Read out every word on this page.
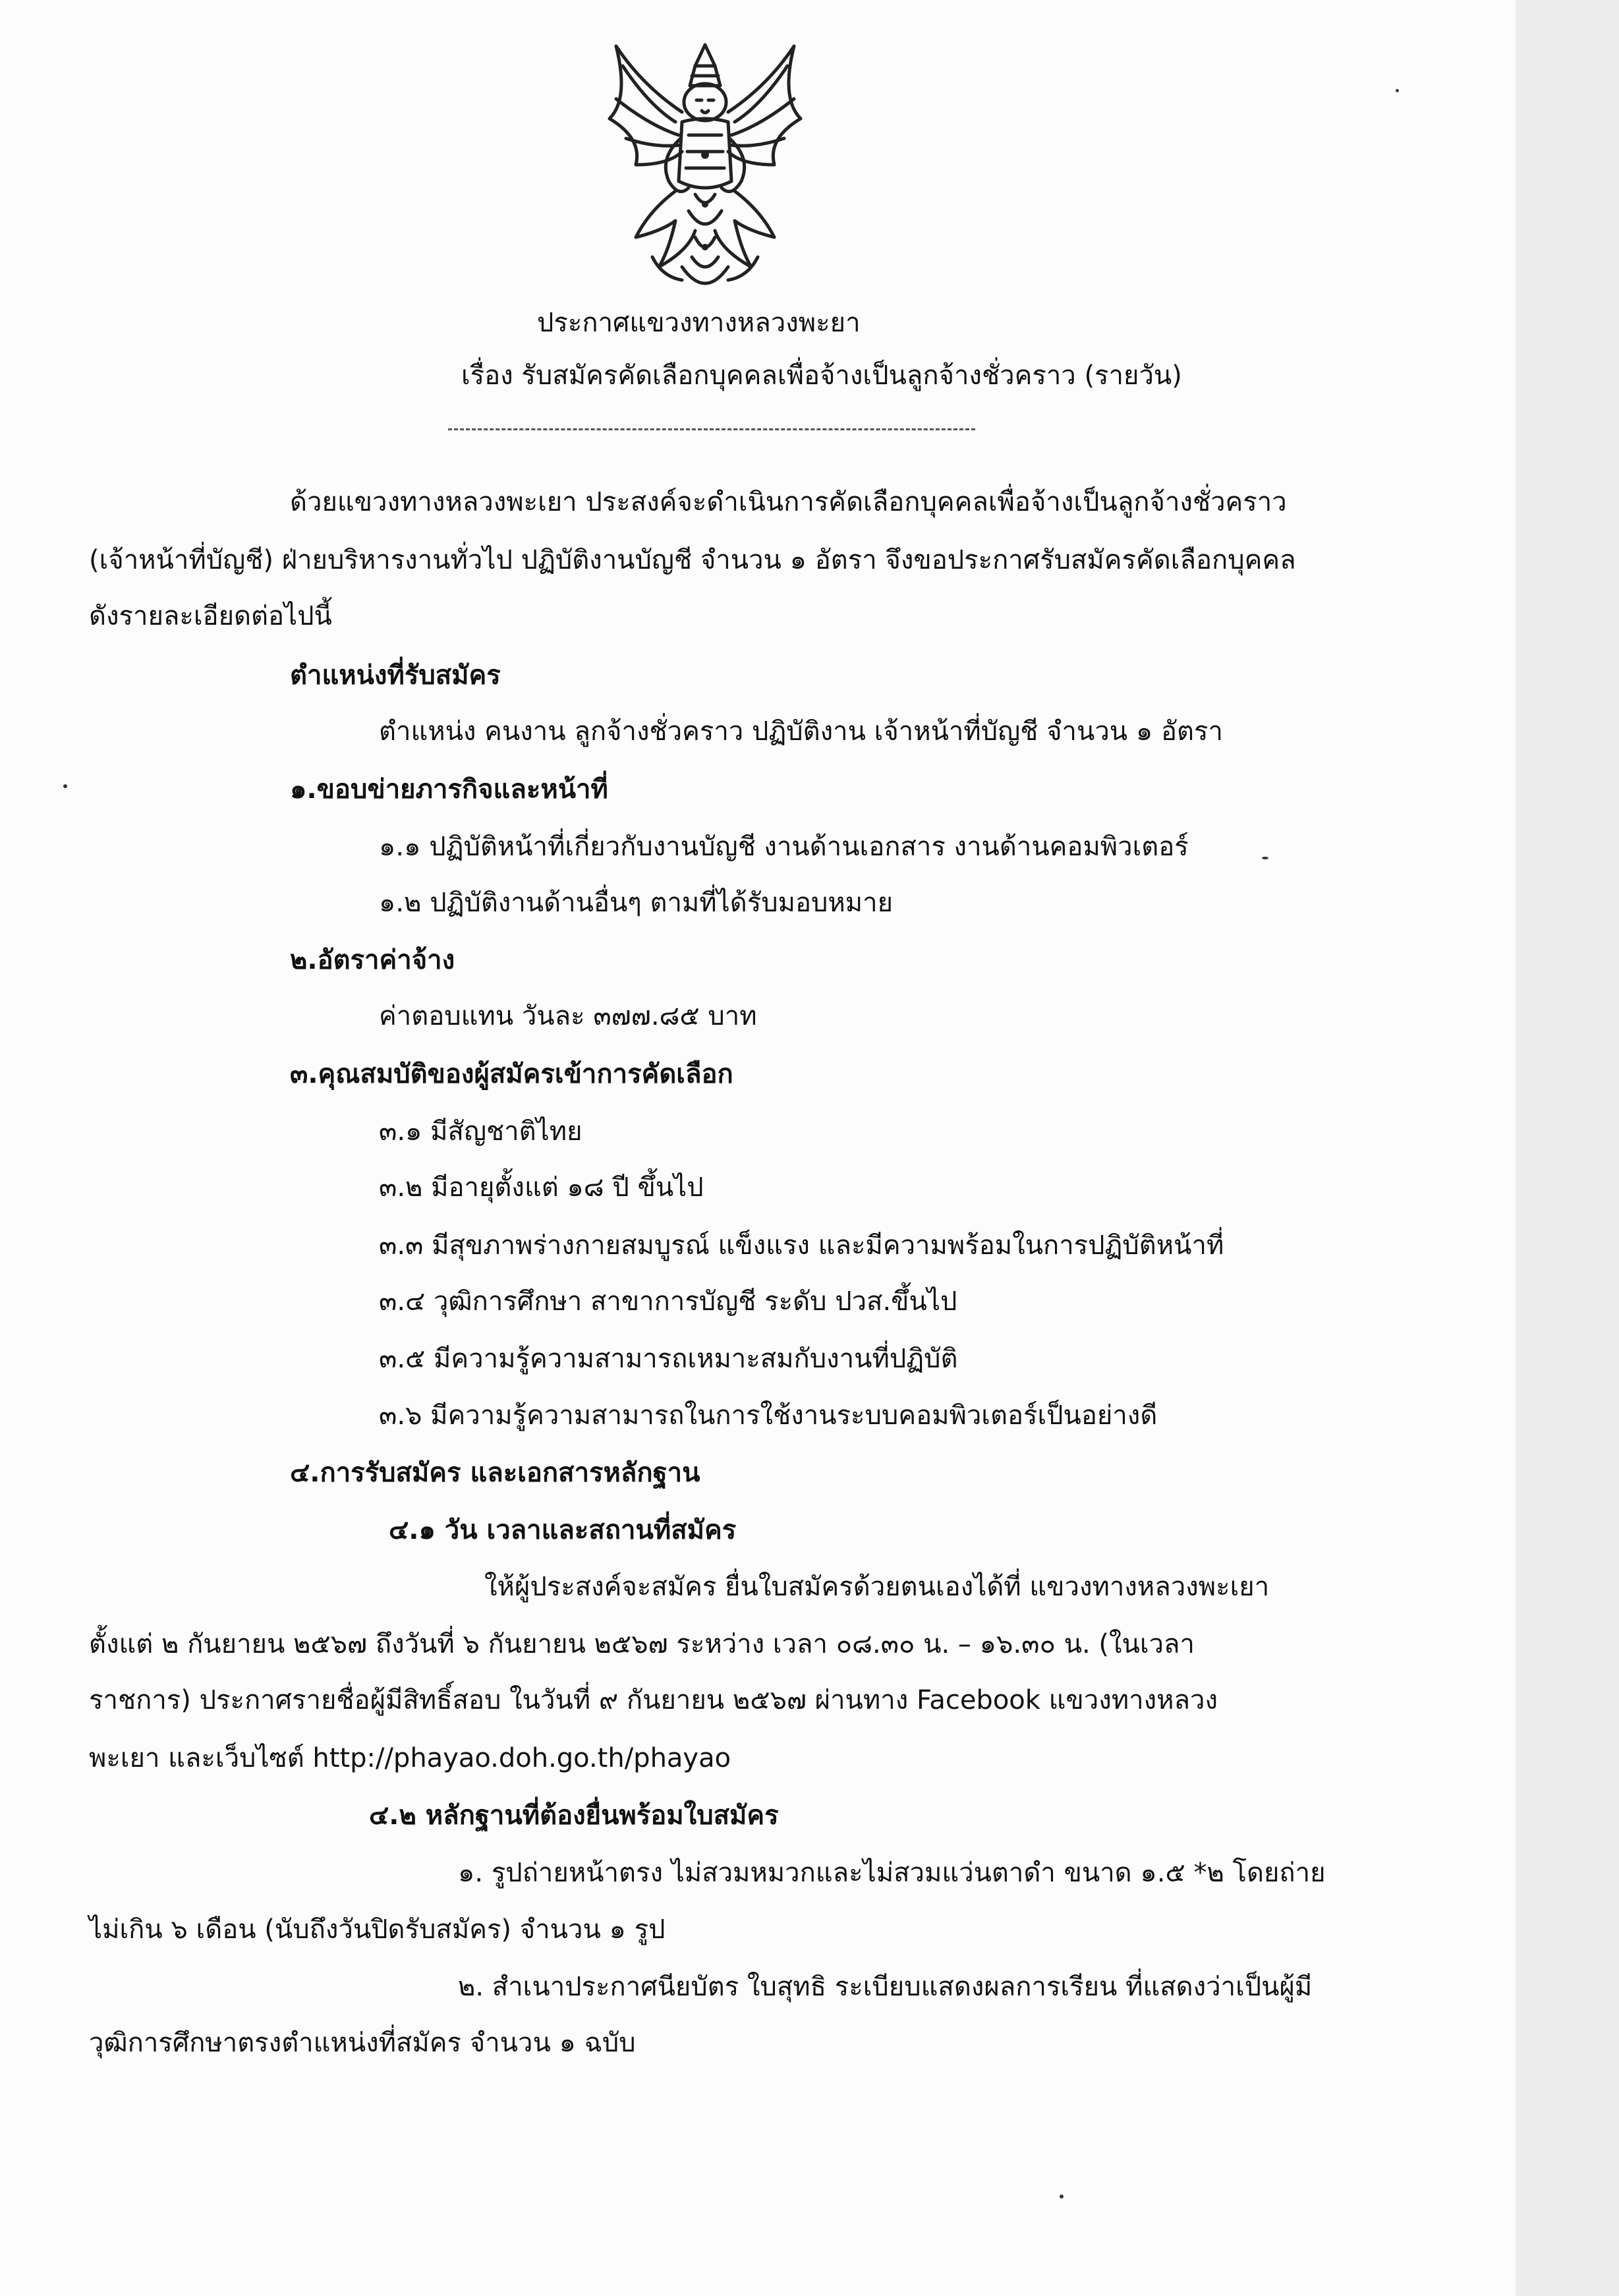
ประกาศแขวงทางหลวงพะยา
เรื่อง รับสมัครคัดเลือกบุคคลเพื่อจ้างเป็นลูกจ้างชั่วคราว (รายวัน)
ด้วยแขวงทางหลวงพะเยา ประสงค์จะดำเนินการคัดเลือกบุคคลเพื่อจ้างเป็นลูกจ้างชั่วคราว
(เจ้าหน้าที่บัญชี) ฝ่ายบริหารงานทั่วไป ปฏิบัติงานบัญชี จำนวน ๑ อัตรา จึงขอประกาศรับสมัครคัดเลือกบุคคล
ดังรายละเอียดต่อไปนี้
ตำแหน่งที่รับสมัคร
ตำแหน่ง คนงาน ลูกจ้างชั่วคราว ปฏิบัติงาน เจ้าหน้าที่บัญชี จำนวน ๑ อัตรา
๑.ขอบข่ายภารกิจและหน้าที่
๑.๑ ปฏิบัติหน้าที่เกี่ยวกับงานบัญชี งานด้านเอกสาร งานด้านคอมพิวเตอร์
๑.๒ ปฏิบัติงานด้านอื่นๆ ตามที่ได้รับมอบหมาย
๒.อัตราค่าจ้าง
ค่าตอบแทน วันละ ๓๗๗.๘๕ บาท
๓.คุณสมบัติของผู้สมัครเข้าการคัดเลือก
๓.๑ มีสัญชาติไทย
๓.๒ มีอายุตั้งแต่ ๑๘ ปี ขึ้นไป
๓.๓ มีสุขภาพร่างกายสมบูรณ์ แข็งแรง และมีความพร้อมในการปฏิบัติหน้าที่
๓.๔ วุฒิการศึกษา สาขาการบัญชี ระดับ ปวส.ขึ้นไป
๓.๕ มีความรู้ความสามารถเหมาะสมกับงานที่ปฏิบัติ
๓.๖ มีความรู้ความสามารถในการใช้งานระบบคอมพิวเตอร์เป็นอย่างดี
๔.การรับสมัคร และเอกสารหลักฐาน
๔.๑ วัน เวลาและสถานที่สมัคร
ให้ผู้ประสงค์จะสมัคร ยื่นใบสมัครด้วยตนเองได้ที่ แขวงทางหลวงพะเยา
ตั้งแต่ ๒ กันยายน ๒๕๖๗ ถึงวันที่ ๖ กันยายน ๒๕๖๗ ระหว่าง เวลา ๐๘.๓๐ น. – ๑๖.๓๐ น. (ในเวลา
ราชการ) ประกาศรายชื่อผู้มีสิทธิ์สอบ ในวันที่ ๙ กันยายน ๒๕๖๗ ผ่านทาง Facebook แขวงทางหลวง
พะเยา และเว็บไซต์ http://phayao.doh.go.th/phayao
๔.๒ หลักฐานที่ต้องยื่นพร้อมใบสมัคร
๑. รูปถ่ายหน้าตรง ไม่สวมหมวกและไม่สวมแว่นตาดำ ขนาด ๑.๕ *๒ โดยถ่าย
ไม่เกิน ๖ เดือน (นับถึงวันปิดรับสมัคร) จำนวน ๑ รูป
๒. สำเนาประกาศนียบัตร ใบสุทธิ ระเบียบแสดงผลการเรียน ที่แสดงว่าเป็นผู้มี
วุฒิการศึกษาตรงตำแหน่งที่สมัคร จำนวน ๑ ฉบับ
